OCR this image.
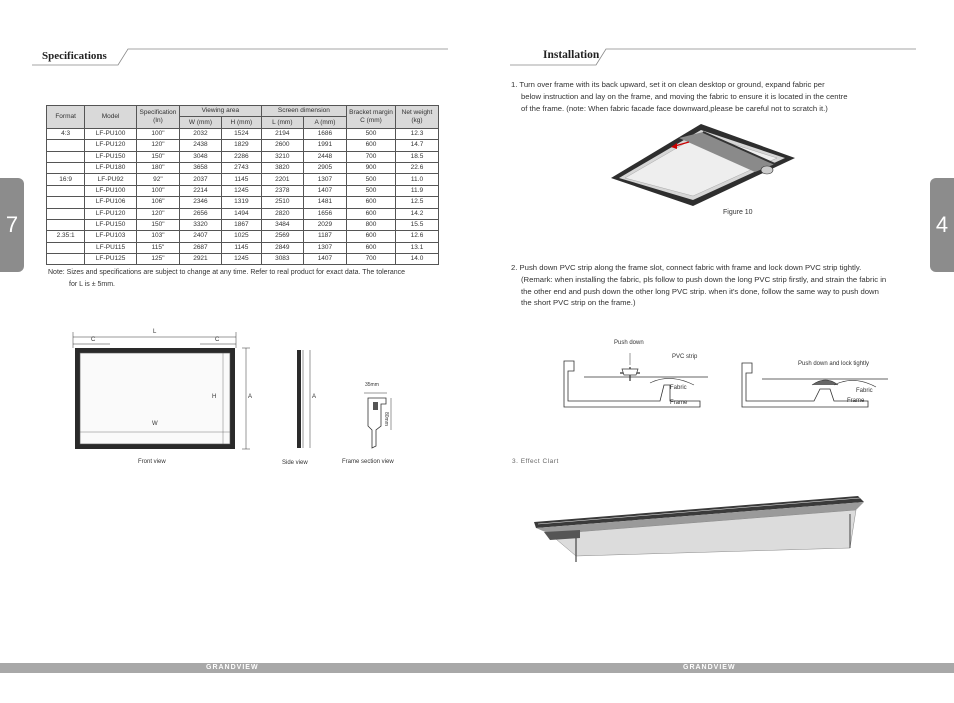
Specifications
7
Format	Model	Specification (In)	Viewing area		Screen dimension		Bracket margin C (mm)	Net weight (kg)
			W (mm)	H (mm)	L (mm)	A (mm)		
4:3	LF-PU100	100"	2032	1524	2194	1686	500	12.3
	LF-PU120	120"	2438	1829	2600	1991	600	14.7
	LF-PU150	150"	3048	2286	3210	2448	700	18.5
	LF-PU180	180"	3658	2743	3820	2905	900	22.6
16:9	LF-PU92	92"	2037	1145	2201	1307	500	11.0
	LF-PU100	100"	2214	1245	2378	1407	500	11.9
	LF-PU106	106"	2346	1319	2510	1481	600	12.5
	LF-PU120	120"	2656	1494	2820	1656	600	14.2
	LF-PU150	150"	3320	1867	3484	2029	800	15.5
2.35:1	LF-PU103	103"	2407	1025	2569	1187	600	12.6
	LF-PU115	115"	2687	1145	2849	1307	600	13.1
	LF-PU125	125"	2921	1245	3083	1407	700	14.0
Note: Sizes and specifications are subject to change at any time. Refer to real product for exact data. The tolerance
for L is ± 5mm.
L
C	C
H	A
W
A
35mm
80mm
Front view	Side view	Frame section view
Installation
4
1. Turn over frame with its back upward, set it on clean desktop or ground, expand fabric per
below instruction and lay on the frame, and moving the fabric to ensure it is located in the centre
of the frame. (note: When fabric facade face downward,please be careful not to scratch it.)
Figure 10
2. Push down PVC strip along the frame slot, connect fabric with frame and lock down PVC strip tightly.
(Remark: when installing the fabric, pls follow to push down the long PVC strip firstly, and strain the fabric in
the other end and push down the other long PVC strip. when it's done, follow the same way to push down
the short PVC strip on the frame.)
Push down
PVC strip
Fabric
Frame
Push down and lock tightly
Fabric
Frame
3. Effect Clart
GRANDVIEW	GRANDVIEW
